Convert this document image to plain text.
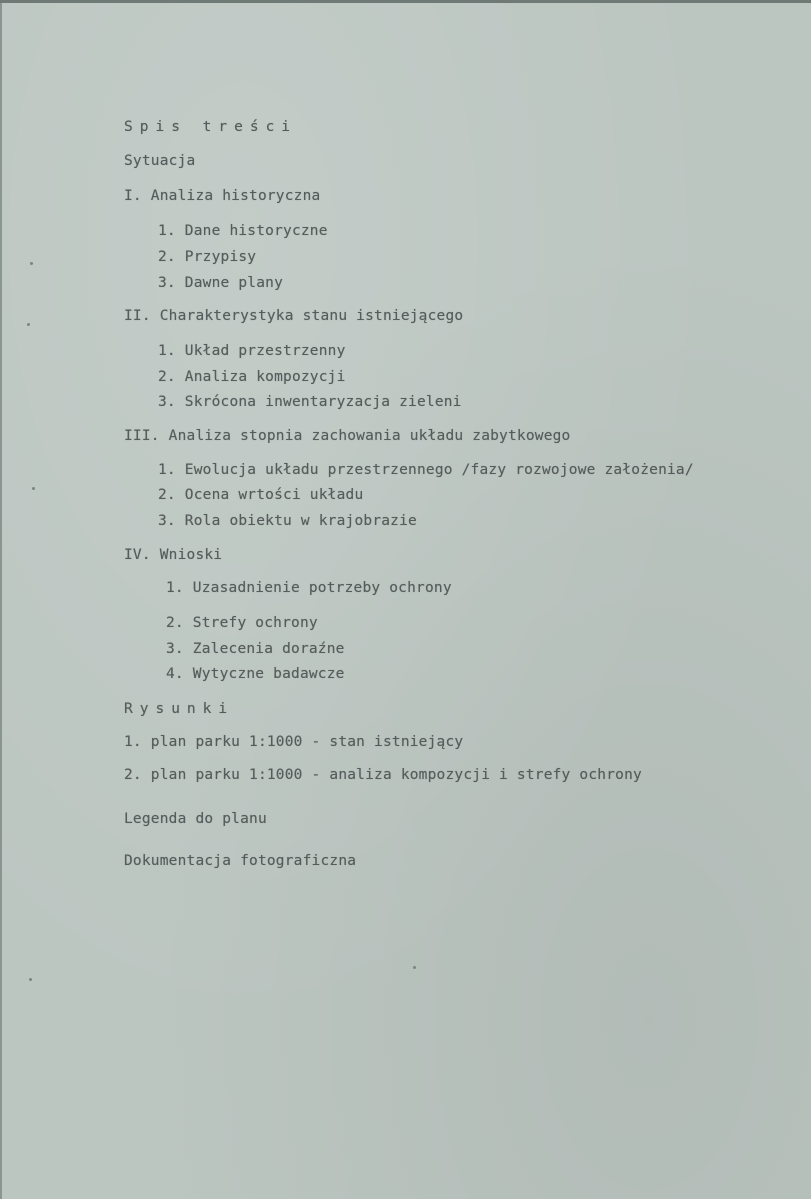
Spis treści

Sytuacja

I. Analiza historyczna

1. Dane historyczne

2. Przypisy

3. Dawne plany

II. Charakterystyka stanu istniejącego

1. Układ przestrzenny

2. Analiza kompozycji

3. Skrócona inwentaryzacja zieleni

III. Analiza stopnia zachowania układu zabytkowego

1. Ewolucja układu przestrzennego /fazy rozwojowe założenia/

2. Ocena wrtości układu

3. Rola obiektu w krajobrazie

IV. Wnioski

1. Uzasadnienie potrzeby ochrony

2. Strefy ochrony

3. Zalecenia doraźne

4. Wytyczne badawcze

Rysunki

1. plan parku 1:1000 - stan istniejący

2. plan parku 1:1000 - analiza kompozycji i strefy ochrony

Legenda do planu

Dokumentacja fotograficzna
